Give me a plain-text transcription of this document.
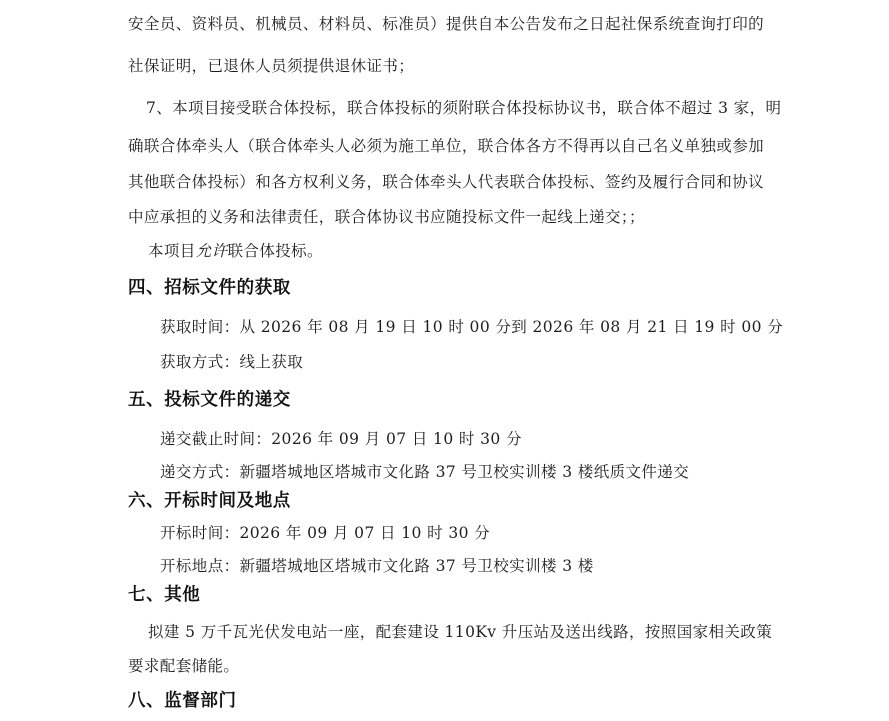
安全员、资料员、机械员、材料员、标准员）提供自本公告发布之日起社保系统查询打印的
社保证明，已退休人员须提供退休证书；
7、本项目接受联合体投标，联合体投标的须附联合体投标协议书，联合体不超过 3 家，明
确联合体牵头人（联合体牵头人必须为施工单位，联合体各方不得再以自己名义单独或参加
其他联合体投标）和各方权利义务，联合体牵头人代表联合体投标、签约及履行合同和协议
中应承担的义务和法律责任，联合体协议书应随投标文件一起线上递交；；
本项目允许联合体投标。
四、招标文件的获取
获取时间：从 2026 年 08 月 19 日 10 时 00 分到 2026 年 08 月 21 日 19 时 00 分
获取方式：线上获取
五、投标文件的递交
递交截止时间：2026 年 09 月 07 日 10 时 30 分
递交方式：新疆塔城地区塔城市文化路 37 号卫校实训楼 3 楼纸质文件递交
六、开标时间及地点
开标时间：2026 年 09 月 07 日 10 时 30 分
开标地点：新疆塔城地区塔城市文化路 37 号卫校实训楼 3 楼
七、其他
拟建 5 万千瓦光伏发电站一座，配套建设 110Kv 升压站及送出线路，按照国家相关政策
要求配套储能。
八、监督部门
